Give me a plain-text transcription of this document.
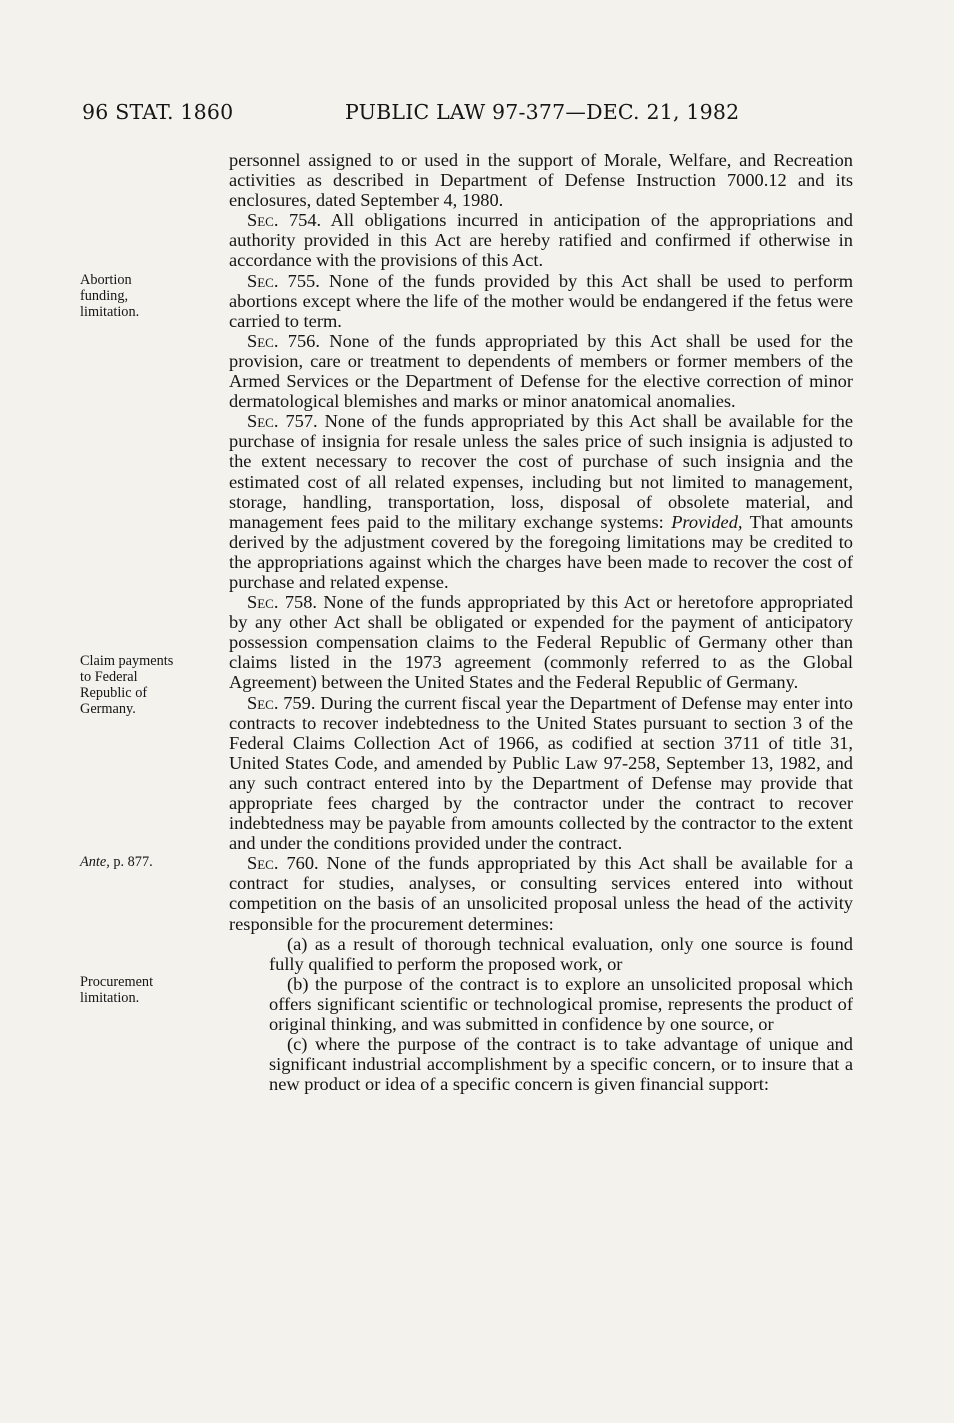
96 STAT. 1860	PUBLIC LAW 97-377—DEC. 21, 1982

Abortion

funding,

limitation.

Claim payments

to Federal

Republic of

Germany.

Ante, p. 877.

Procurement

limitation.

personnel assigned to or used in the support of Morale, Welfare, and Recreation activities as described in Department of Defense Instruction 7000.12 and its enclosures, dated September 4, 1980.

Sec. 754. All obligations incurred in anticipation of the appropriations and authority provided in this Act are hereby ratified and confirmed if otherwise in accordance with the provisions of this Act.

Sec. 755. None of the funds provided by this Act shall be used to perform abortions except where the life of the mother would be endangered if the fetus were carried to term.

Sec. 756. None of the funds appropriated by this Act shall be used for the provision, care or treatment to dependents of members or former members of the Armed Services or the Department of Defense for the elective correction of minor dermatological blemishes and marks or minor anatomical anomalies.

Sec. 757. None of the funds appropriated by this Act shall be available for the purchase of insignia for resale unless the sales price of such insignia is adjusted to the extent necessary to recover the cost of purchase of such insignia and the estimated cost of all related expenses, including but not limited to management, storage, handling, transportation, loss, disposal of obsolete material, and management fees paid to the military exchange systems: Provided, That amounts derived by the adjustment covered by the foregoing limitations may be credited to the appropriations against which the charges have been made to recover the cost of purchase and related expense.

Sec. 758. None of the funds appropriated by this Act or heretofore appropriated by any other Act shall be obligated or expended for the payment of anticipatory possession compensation claims to the Federal Republic of Germany other than claims listed in the 1973 agreement (commonly referred to as the Global Agreement) between the United States and the Federal Republic of Germany.

Sec. 759. During the current fiscal year the Department of Defense may enter into contracts to recover indebtedness to the United States pursuant to section 3 of the Federal Claims Collection Act of 1966, as codified at section 3711 of title 31, United States Code, and amended by Public Law 97-258, September 13, 1982, and any such contract entered into by the Department of Defense may provide that appropriate fees charged by the contractor under the contract to recover indebtedness may be payable from amounts collected by the contractor to the extent and under the conditions provided under the contract.

Sec. 760. None of the funds appropriated by this Act shall be available for a contract for studies, analyses, or consulting services entered into without competition on the basis of an unsolicited proposal unless the head of the activity responsible for the procurement determines:

(a) as a result of thorough technical evaluation, only one source is found fully qualified to perform the proposed work, or

(b) the purpose of the contract is to explore an unsolicited proposal which offers significant scientific or technological promise, represents the product of original thinking, and was submitted in confidence by one source, or

(c) where the purpose of the contract is to take advantage of unique and significant industrial accomplishment by a specific concern, or to insure that a new product or idea of a specific concern is given financial support:
